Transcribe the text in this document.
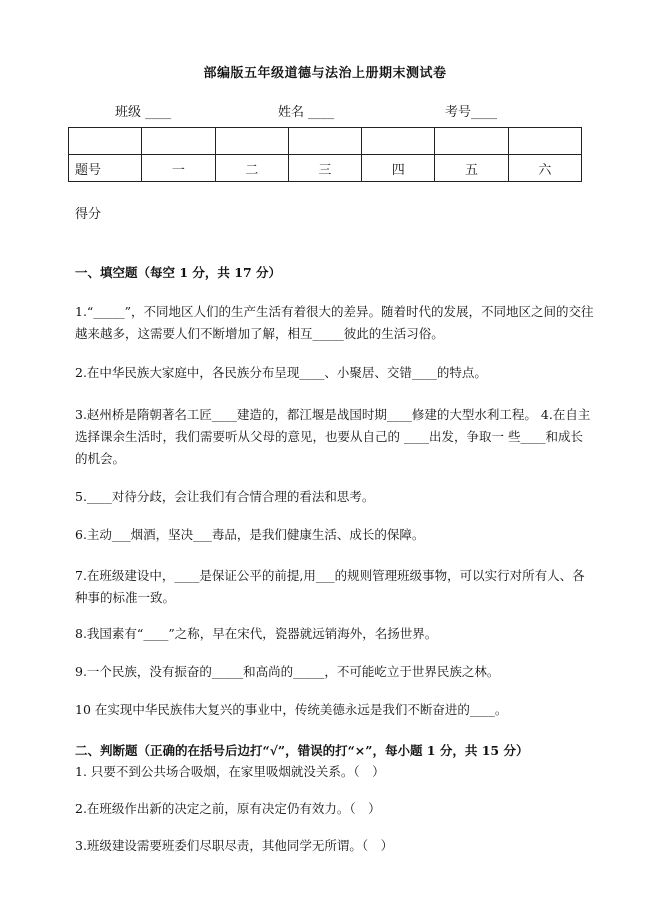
部编版五年级道德与法治上册期末测试卷
班级 ____	姓名 ____	考号____

题号	一	二	三	四	五	六
得分
一、填空题（每空 1 分，共 17 分）
1.“_____”，不同地区人们的生产生活有着很大的差异。随着时代的发展，不同地区之间的交往越来越多，这需要人们不断增加了解，相互_____彼此的生活习俗。
2.在中华民族大家庭中，各民族分布呈现____、小聚居、交错____的特点。
3.赵州桥是隋朝著名工匠____建造的，都江堰是战国时期____修建的大型水利工程。 4.在自主选择课余生活时，我们需要听从父母的意见，也要从自己的 ____出发，争取一 些____和成长的机会。
5.____对待分歧，会让我们有合情合理的看法和思考。
6.主动___烟酒，坚决___毒品，是我们健康生活、成长的保障。
7.在班级建设中，____是保证公平的前提,用___的规则管理班级事物，可以实行对所有人、各种事的标准一致。
8.我国素有“____”之称，早在宋代，瓷器就远销海外，名扬世界。
9.一个民族，没有振奋的_____和高尚的_____，不可能屹立于世界民族之林。
10 在实现中华民族伟大复兴的事业中，传统美德永远是我们不断奋进的____。
二、判断题（正确的在括号后边打“√”，错误的打“×”，每小题 1 分，共 15 分）
1. 只要不到公共场合吸烟，在家里吸烟就没关系。（　）
2.在班级作出新的决定之前，原有决定仍有效力。（　）
3.班级建设需要班委们尽职尽责，其他同学无所谓。（　）
